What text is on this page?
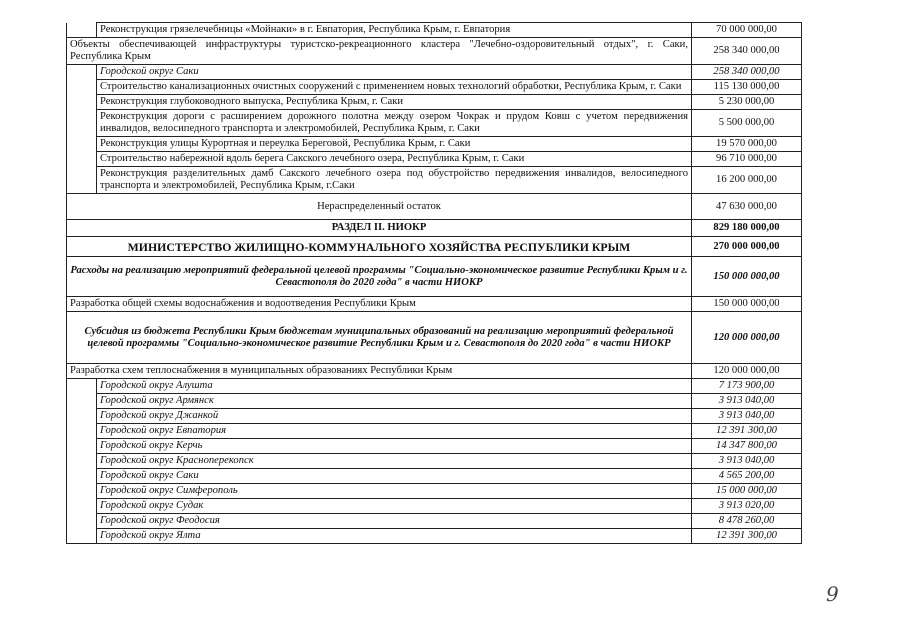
	Реконструкция грязелечебницы «Мойнаки» в г. Евпатория, Республика Крым, г. Евпатория	70 000 000,00
Объекты обеспечивающей инфраструктуры туристско-рекреационного кластера "Лечебно-оздоровительный отдых", г. Саки, Республика Крым		258 340 000,00
	Городской округ Саки	258 340 000,00
	Строительство канализационных очистных сооружений с применением новых технологий обработки, Республика Крым, г. Саки	115 130 000,00
	Реконструкция глубоководного выпуска, Республика Крым, г. Саки	5 230 000,00
	Реконструкция дороги с расширением дорожного полотна между озером Чокрак и прудом Ковш с учетом передвижения инвалидов, велосипедного транспорта и электромобилей, Республика Крым, г. Саки	5 500 000,00
	Реконструкция улицы Курортная и переулка Береговой, Республика Крым, г. Саки	19 570 000,00
	Строительство набережной вдоль берега Сакского лечебного озера, Республика Крым, г. Саки	96 710 000,00
	Реконструкция разделительных дамб Сакского лечебного озера под обустройство передвижения инвалидов, велосипедного транспорта и электромобилей, Республика Крым, г.Саки	16 200 000,00
Нераспределенный остаток		47 630 000,00
РАЗДЕЛ II. НИОКР		829 180 000,00
МИНИСТЕРСТВО ЖИЛИЩНО-КОММУНАЛЬНОГО ХОЗЯЙСТВА РЕСПУБЛИКИ КРЫМ		270 000 000,00
Расходы на реализацию мероприятий федеральной целевой программы "Социально-экономическое развитие Республики Крым и г. Севастополя до 2020 года" в части НИОКР		150 000 000,00
Разработка общей схемы водоснабжения и водоотведения Республики Крым		150 000 000,00
Субсидия из бюджета Республики Крым бюджетам муниципальных образований на реализацию мероприятий федеральной целевой программы "Социально-экономическое развитие Республики Крым и г. Севастополя до 2020 года" в части НИОКР		120 000 000,00
Разработка схем теплоснабжения в муниципальных образованиях Республики Крым		120 000 000,00
	Городской округ Алушта	7 173 900,00
	Городской округ Армянск	3 913 040,00
	Городской округ Джанкой	3 913 040,00
	Городской округ Евпатория	12 391 300,00
	Городской округ Керчь	14 347 800,00
	Городской округ Красноперекопск	3 913 040,00
	Городской округ Саки	4 565 200,00
	Городской округ Симферополь	15 000 000,00
	Городской округ Судак	3 913 020,00
	Городской округ Феодосия	8 478 260,00
	Городской округ Ялта	12 391 300,00
9
